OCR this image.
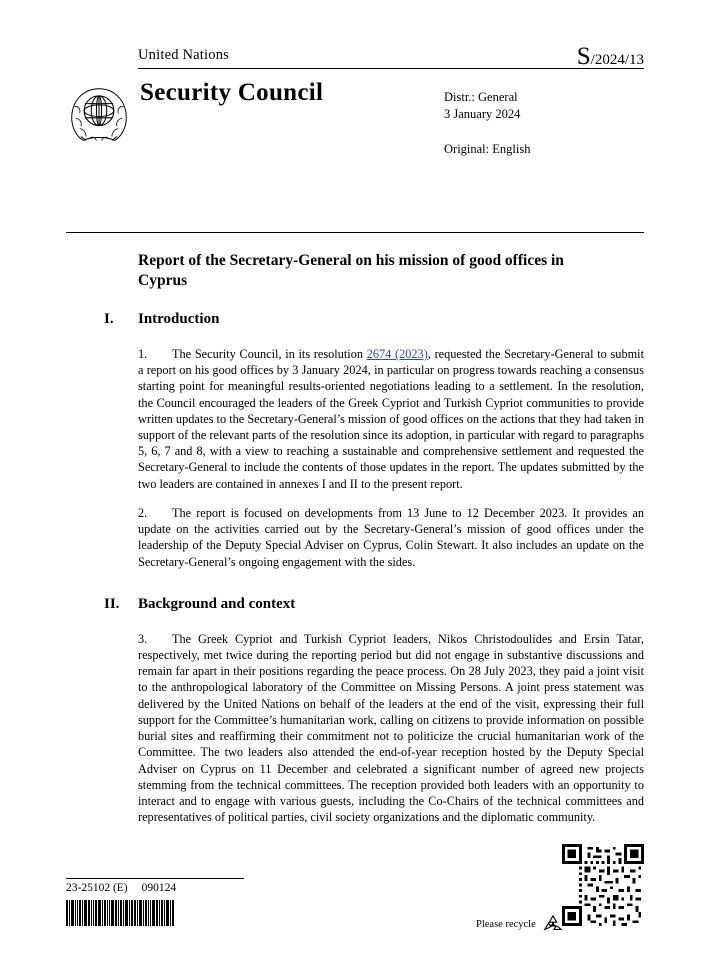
S/2024/13
United Nations
Security Council	Distr.: General
3 January 2024
Original: English
Report of the Secretary-General on his mission of good offices in Cyprus
I. Introduction
1. The Security Council, in its resolution 2674 (2023), requested the Secretary-General to submit a report on his good offices by 3 January 2024, in particular on progress towards reaching a consensus starting point for meaningful results-oriented negotiations leading to a settlement. In the resolution, the Council encouraged the leaders of the Greek Cypriot and Turkish Cypriot communities to provide written updates to the Secretary-General’s mission of good offices on the actions that they had taken in support of the relevant parts of the resolution since its adoption, in particular with regard to paragraphs 5, 6, 7 and 8, with a view to reaching a sustainable and comprehensive settlement and requested the Secretary-General to include the contents of those updates in the report. The updates submitted by the two leaders are contained in annexes I and II to the present report.
2. The report is focused on developments from 13 June to 12 December 2023. It provides an update on the activities carried out by the Secretary-General’s mission of good offices under the leadership of the Deputy Special Adviser on Cyprus, Colin Stewart. It also includes an update on the Secretary-General’s ongoing engagement with the sides.
II. Background and context
3. The Greek Cypriot and Turkish Cypriot leaders, Nikos Christodoulides and Ersin Tatar, respectively, met twice during the reporting period but did not engage in substantive discussions and remain far apart in their positions regarding the peace process. On 28 July 2023, they paid a joint visit to the anthropological laboratory of the Committee on Missing Persons. A joint press statement was delivered by the United Nations on behalf of the leaders at the end of the visit, expressing their full support for the Committee’s humanitarian work, calling on citizens to provide information on possible burial sites and reaffirming their commitment not to politicize the crucial humanitarian work of the Committee. The two leaders also attended the end-of-year reception hosted by the Deputy Special Adviser on Cyprus on 11 December and celebrated a significant number of agreed new projects stemming from the technical committees. The reception provided both leaders with an opportunity to interact and to engage with various guests, including the Co-Chairs of the technical committees and representatives of political parties, civil society organizations and the diplomatic community.
23-25102 (E) 090124
Please recycle
